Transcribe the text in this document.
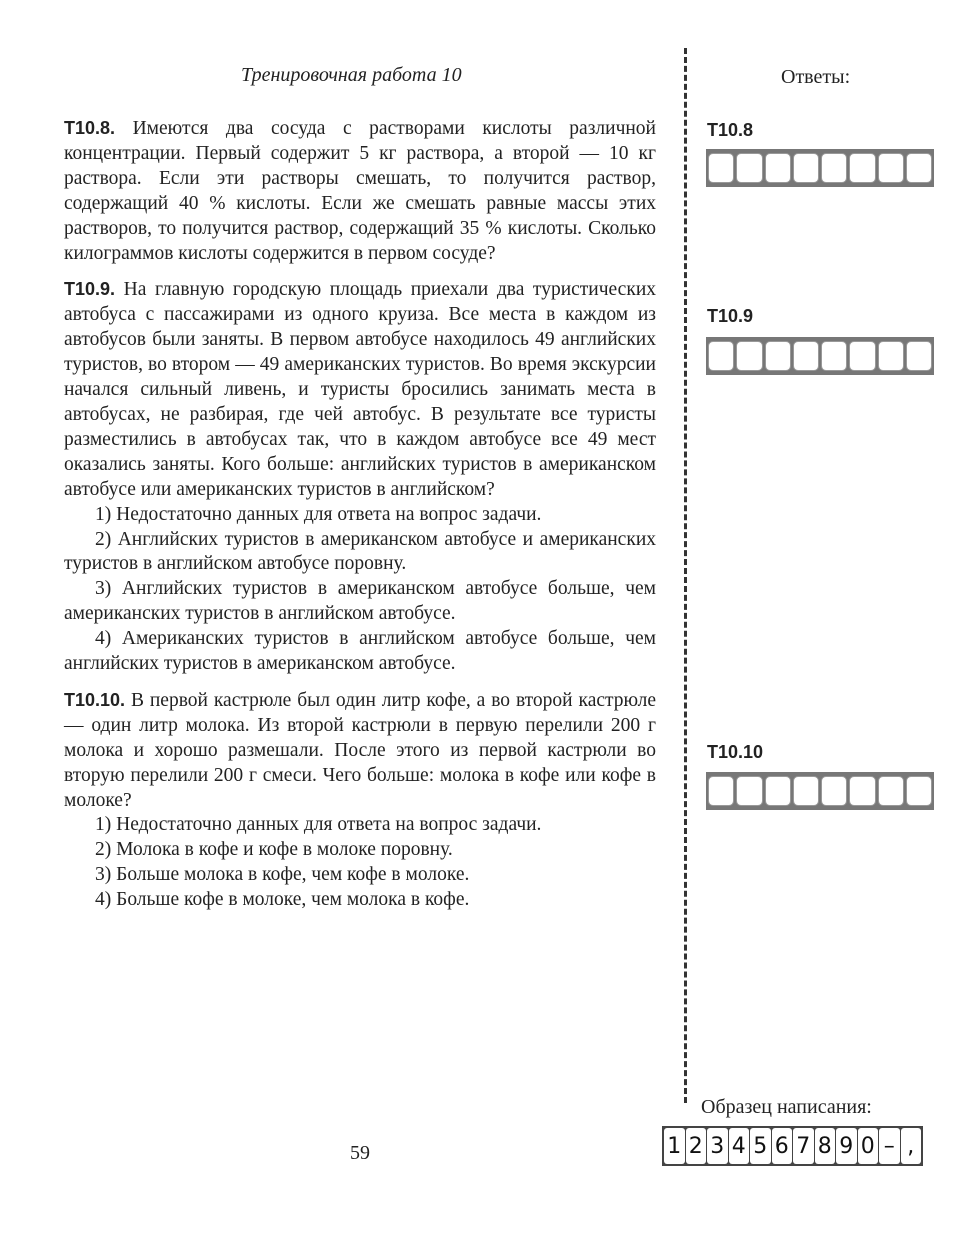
Тренировочная работа 10	Ответы:

T10.8. Имеются два сосуда с растворами кислоты различной концентрации. Первый содержит 5 кг раствора, а второй — 10 кг раствора. Если эти растворы смешать, то получится раствор, содержащий 40 % кислоты. Если же смешать равные массы этих растворов, то получится раствор, содержащий 35 % кислоты. Сколько килограммов кислоты содержится в первом сосуде?

T10.9. На главную городскую площадь приехали два туристических автобуса с пассажирами из одного круиза. Все места в каждом из автобусов были заняты. В первом автобусе находилось 49 английских туристов, во втором — 49 американских туристов. Во время экскурсии начался сильный ливень, и туристы бросились занимать места в автобусах, не разбирая, где чей автобус. В результате все туристы разместились в автобусах так, что в каждом автобусе все 49 мест оказались заняты. Кого больше: английских туристов в американском автобусе или американских туристов в английском?

1) Недостаточно данных для ответа на вопрос задачи.

2) Английских туристов в американском автобусе и американских туристов в английском автобусе поровну.

3) Английских туристов в американском автобусе больше, чем американских туристов в английском автобусе.

4) Американских туристов в английском автобусе больше, чем английских туристов в американском автобусе.

T10.10. В первой кастрюле был один литр кофе, а во второй кастрюле — один литр молока. Из второй кастрюли в первую перелили 200 г молока и хорошо размешали. После этого из первой кастрюли во вторую перелили 200 г смеси. Чего больше: молока в кофе или кофе в молоке?

1) Недостаточно данных для ответа на вопрос задачи.

2) Молока в кофе и кофе в молоке поровну.

3) Больше молока в кофе, чем кофе в молоке.

4) Больше кофе в молоке, чем молока в кофе.

T10.8
T10.9
T10.10
59
Образец написания:
1 2 3 4 5 6 7 8 9 0 – ,
